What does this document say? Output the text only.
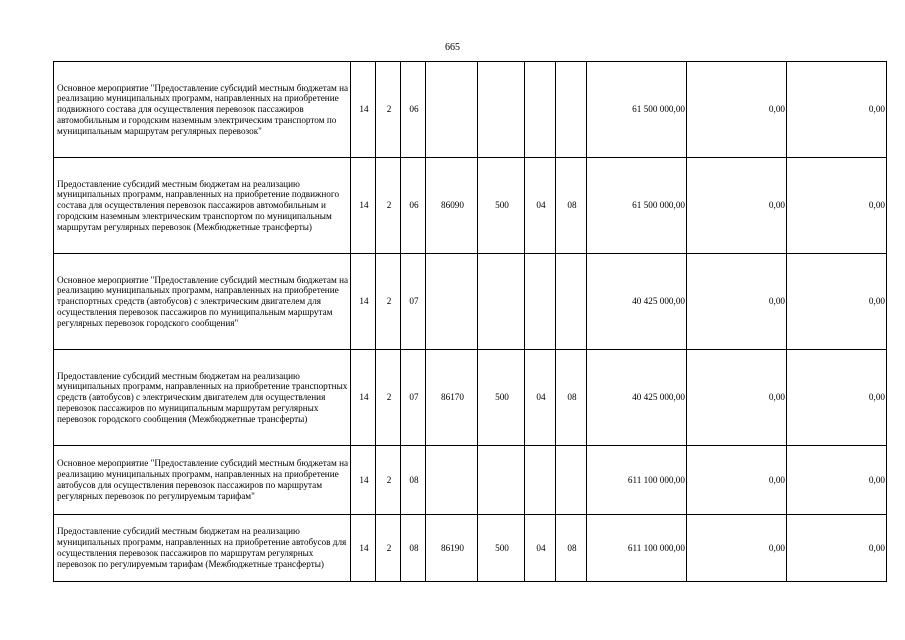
665
Основное мероприятие "Предоставление субсидий местным бюджетам на реализацию муниципальных программ, направленных на приобретение подвижного состава для осуществления перевозок пассажиров автомобильным и городским наземным электрическим транспортом по муниципальным маршрутам регулярных перевозок"	14	2	06					61 500 000,00	0,00	0,00
Предоставление субсидий местным бюджетам на реализацию муниципальных программ, направленных на приобретение подвижного состава для осуществления перевозок пассажиров автомобильным и городским наземным электрическим транспортом по муниципальным маршрутам регулярных перевозок (Межбюджетные трансферты)	14	2	06	86090	500	04	08	61 500 000,00	0,00	0,00
Основное мероприятие "Предоставление субсидий местным бюджетам на реализацию муниципальных программ, направленных на приобретение транспортных средств (автобусов) с электрическим двигателем для осуществления перевозок пассажиров по муниципальным маршрутам регулярных перевозок городского сообщения"	14	2	07					40 425 000,00	0,00	0,00
Предоставление субсидий местным бюджетам на реализацию муниципальных программ, направленных на приобретение транспортных средств (автобусов) с электрическим двигателем для осуществления перевозок пассажиров по муниципальным маршрутам регулярных перевозок городского сообщения (Межбюджетные трансферты)	14	2	07	86170	500	04	08	40 425 000,00	0,00	0,00
Основное мероприятие "Предоставление субсидий местным бюджетам на реализацию муниципальных программ, направленных на приобретение автобусов для осуществления перевозок пассажиров по маршрутам регулярных перевозок по регулируемым тарифам"	14	2	08					611 100 000,00	0,00	0,00
Предоставление субсидий местным бюджетам на реализацию муниципальных программ, направленных на приобретение автобусов для осуществления перевозок пассажиров по маршрутам регулярных перевозок по регулируемым тарифам (Межбюджетные трансферты)	14	2	08	86190	500	04	08	611 100 000,00	0,00	0,00
